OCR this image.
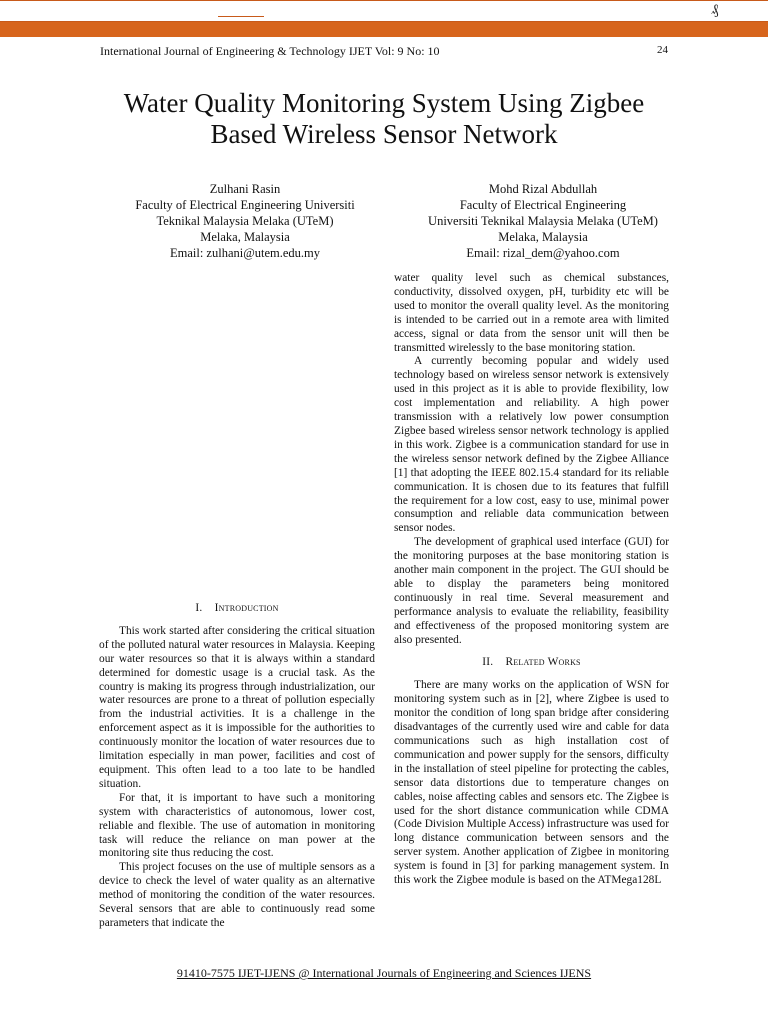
₰
International Journal of Engineering & Technology IJET Vol: 9 No: 10	24
Water Quality Monitoring System Using Zigbee
Based Wireless Sensor Network
Zulhani Rasin
Faculty of Electrical Engineering Universiti
Teknikal Malaysia Melaka (UTeM)
Melaka, Malaysia
Email: zulhani@utem.edu.my
Mohd Rizal Abdullah
Faculty of Electrical Engineering
Universiti Teknikal Malaysia Melaka (UTeM)
Melaka, Malaysia
Email: rizal_dem@yahoo.com
I. Introduction

This work started after considering the critical situation of the polluted natural water resources in Malaysia. Keeping our water resources so that it is always within a standard determined for domestic usage is a crucial task. As the country is making its progress through industrialization, our water resources are prone to a threat of pollution especially from the industrial activities. It is a challenge in the enforcement aspect as it is impossible for the authorities to continuously monitor the location of water resources due to limitation especially in man power, facilities and cost of equipment. This often lead to a too late to be handled situation.

For that, it is important to have such a monitoring system with characteristics of autonomous, lower cost, reliable and flexible. The use of automation in monitoring task will reduce the reliance on man power at the monitoring site thus reducing the cost.

This project focuses on the use of multiple sensors as a device to check the level of water quality as an alternative method of monitoring the condition of the water resources. Several sensors that are able to continuously read some parameters that indicate the

water quality level such as chemical substances, conductivity, dissolved oxygen, pH, turbidity etc will be used to monitor the overall quality level. As the monitoring is intended to be carried out in a remote area with limited access, signal or data from the sensor unit will then be transmitted wirelessly to the base monitoring station.

A currently becoming popular and widely used technology based on wireless sensor network is extensively used in this project as it is able to provide flexibility, low cost implementation and reliability. A high power transmission with a relatively low power consumption Zigbee based wireless sensor network technology is applied in this work. Zigbee is a communication standard for use in the wireless sensor network defined by the Zigbee Alliance [1] that adopting the IEEE 802.15.4 standard for its reliable communication. It is chosen due to its features that fulfill the requirement for a low cost, easy to use, minimal power consumption and reliable data communication between sensor nodes.

The development of graphical used interface (GUI) for the monitoring purposes at the base monitoring station is another main component in the project. The GUI should be able to display the parameters being monitored continuously in real time. Several measurement and performance analysis to evaluate the reliability, feasibility and effectiveness of the proposed monitoring system are also presented.

II. Related Works

There are many works on the application of WSN for monitoring system such as in [2], where Zigbee is used to monitor the condition of long span bridge after considering disadvantages of the currently used wire and cable for data communications such as high installation cost of communication and power supply for the sensors, difficulty in the installation of steel pipeline for protecting the cables, sensor data distortions due to temperature changes on cables, noise affecting cables and sensors etc. The Zigbee is used for the short distance communication while CDMA (Code Division Multiple Access) infrastructure was used for long distance communication between sensors and the server system. Another application of Zigbee in monitoring system is found in [3] for parking management system. In this work the Zigbee module is based on the ATMega128L

91410-7575 IJET-IJENS @ International Journals of Engineering and Sciences IJENS
